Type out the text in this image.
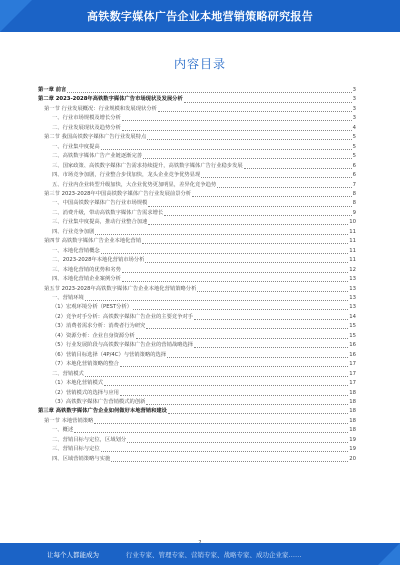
高铁数字媒体广告企业本地营销策略研究报告
内容目录
第一章 前言	3
第二章 2023-2028年高铁数字媒体广告市场现状及发展分析	3
第一节 行业发展概况：行业规模和发展现状分析	3
一、行业市场规模及增长分析	3
二、行业发展现状及趋势分析	4
第二节 我国高铁数字媒体广告行业发展特点	5
一、行业集中度提高	5
二、高铁数字媒体广告产业链逐渐完善	5
三、国家政策、高铁数字媒体广告需求持续提升，高铁数字媒体广告行业稳步发展	6
四、市场竞争加剧，行业整合步伐加快，龙头企业竞争优势显现	6
五、行业内企业转型升级加快，大企业优势更加明显，差异化竞争趋势	7
第三节 2023-2028年中国高铁数字媒体广告行业发展前景分析	8
一、中国高铁数字媒体广告行业市场规模	8
二、消费升级，带动高铁数字媒体广告需求增长	9
三、行业集中度提高，推动行业整合加速	10
四、行业竞争加剧	11
第四节 高铁数字媒体广告企业本地化营销	11
一、本地化营销概念	11
二、2023-2028年本地化营销市场分析	11
三、本地化营销的优势和劣势	12
四、本地化营销企业案例分析	13
第五节 2023-2028年高铁数字媒体广告企业本地化营销策略分析	13
一、营销环境	13
（1）宏观环境分析（PEST分析）	13
（2）竞争对手分析：高铁数字媒体广告企业的主要竞争对手	14
（3）消费者需求分析：消费者行为研究	15
（4）资源分析：企业自身资源分析	15
（5）行业发展阶段与高铁数字媒体广告企业的营销战略选择	16
（6）营销目标选择（4P/4C）与营销策略的选择	16
（7）本地化营销策略的整合	17
二、营销模式	17
（1）本地化营销模式	17
（2）营销模式的选择与应用	18
（3）高铁数字媒体广告营销模式的创新	18
第三章 高铁数字媒体广告企业如何做好本地营销和建设	18
第一节 本地营销策略	18
一、概述	18
二、营销目标与定位，区域划分	19
三、营销目标与定位	19
四、区域营销策略与实施	20
让每个人都能成为	行业专家、管理专家、营销专家、战略专家、成功企业家……
